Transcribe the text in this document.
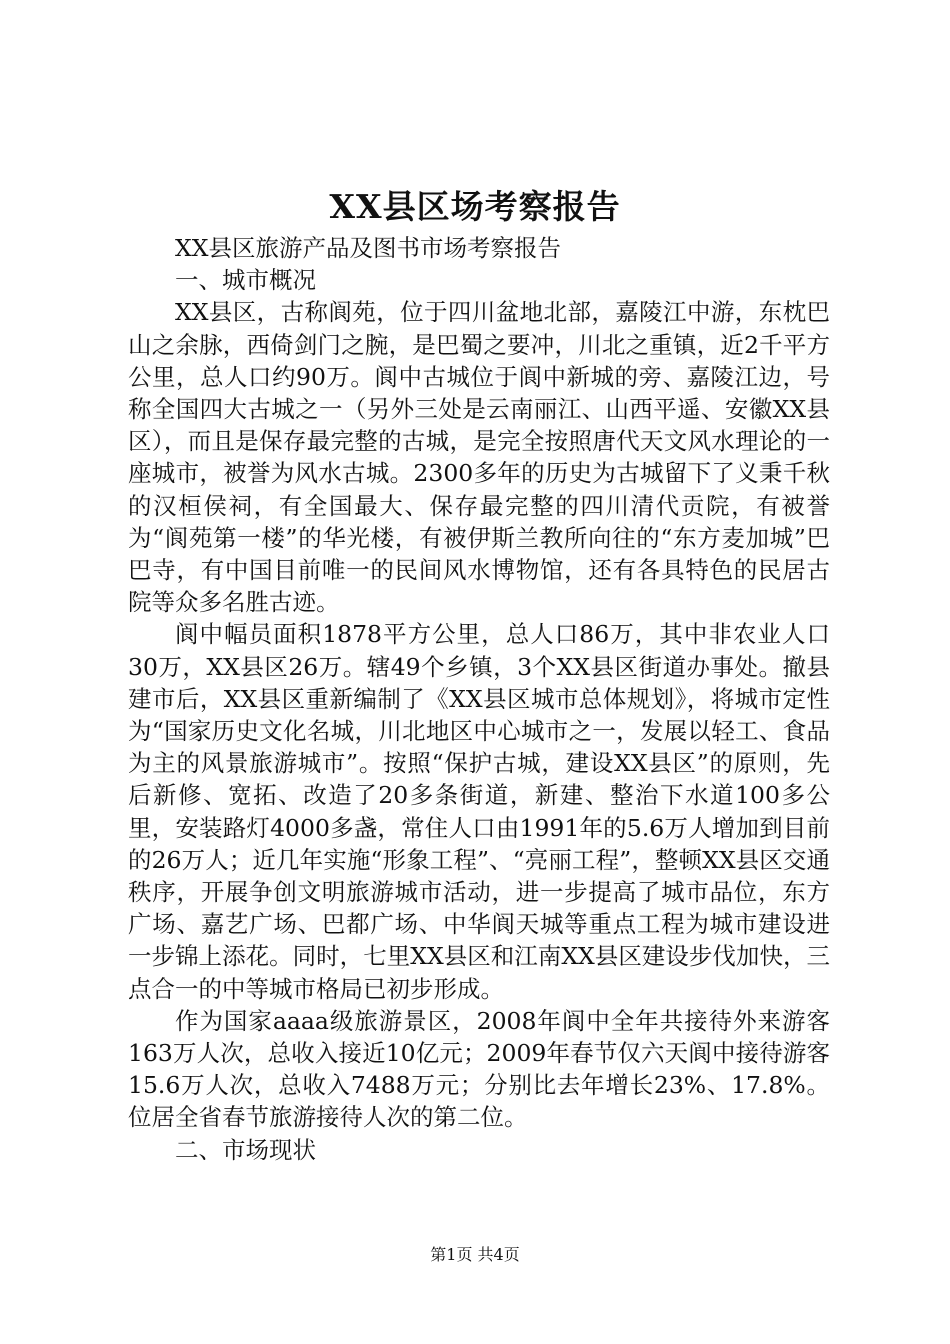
XX县区场考察报告

XX县区旅游产品及图书市场考察报告

一、城市概况

XX县区，古称阆苑，位于四川盆地北部，嘉陵江中游，东枕巴山之余脉，西倚剑门之腕，是巴蜀之要冲，川北之重镇，近2千平方公里，总人口约90万。阆中古城位于阆中新城的旁、嘉陵江边，号称全国四大古城之一（另外三处是云南丽江、山西平遥、安徽XX县区），而且是保存最完整的古城，是完全按照唐代天文风水理论的一座城市，被誉为风水古城。2300多年的历史为古城留下了义秉千秋的汉桓侯祠，有全国最大、保存最完整的四川清代贡院，有被誉为“阆苑第一楼”的华光楼，有被伊斯兰教所向往的“东方麦加城”巴巴寺，有中国目前唯一的民间风水博物馆，还有各具特色的民居古院等众多名胜古迹。

阆中幅员面积1878平方公里，总人口86万，其中非农业人口30万，XX县区26万。辖49个乡镇，3个XX县区街道办事处。撤县建市后，XX县区重新编制了《XX县区城市总体规划》，将城市定性为“国家历史文化名城，川北地区中心城市之一，发展以轻工、食品为主的风景旅游城市”。按照“保护古城，建设XX县区”的原则，先后新修、宽拓、改造了20多条街道，新建、整治下水道100多公里，安装路灯4000多盏，常住人口由1991年的5.6万人增加到目前的26万人；近几年实施“形象工程”、“亮丽工程”，整顿XX县区交通秩序，开展争创文明旅游城市活动，进一步提高了城市品位，东方广场、嘉艺广场、巴都广场、中华阆天城等重点工程为城市建设进一步锦上添花。同时，七里XX县区和江南XX县区建设步伐加快，三点合一的中等城市格局已初步形成。

作为国家aaaa级旅游景区，2008年阆中全年共接待外来游客163万人次，总收入接近10亿元；2009年春节仅六天阆中接待游客15.6万人次，总收入7488万元；分别比去年增长23%、17.8%。位居全省春节旅游接待人次的第二位。

二、市场现状

第1页 共4页
